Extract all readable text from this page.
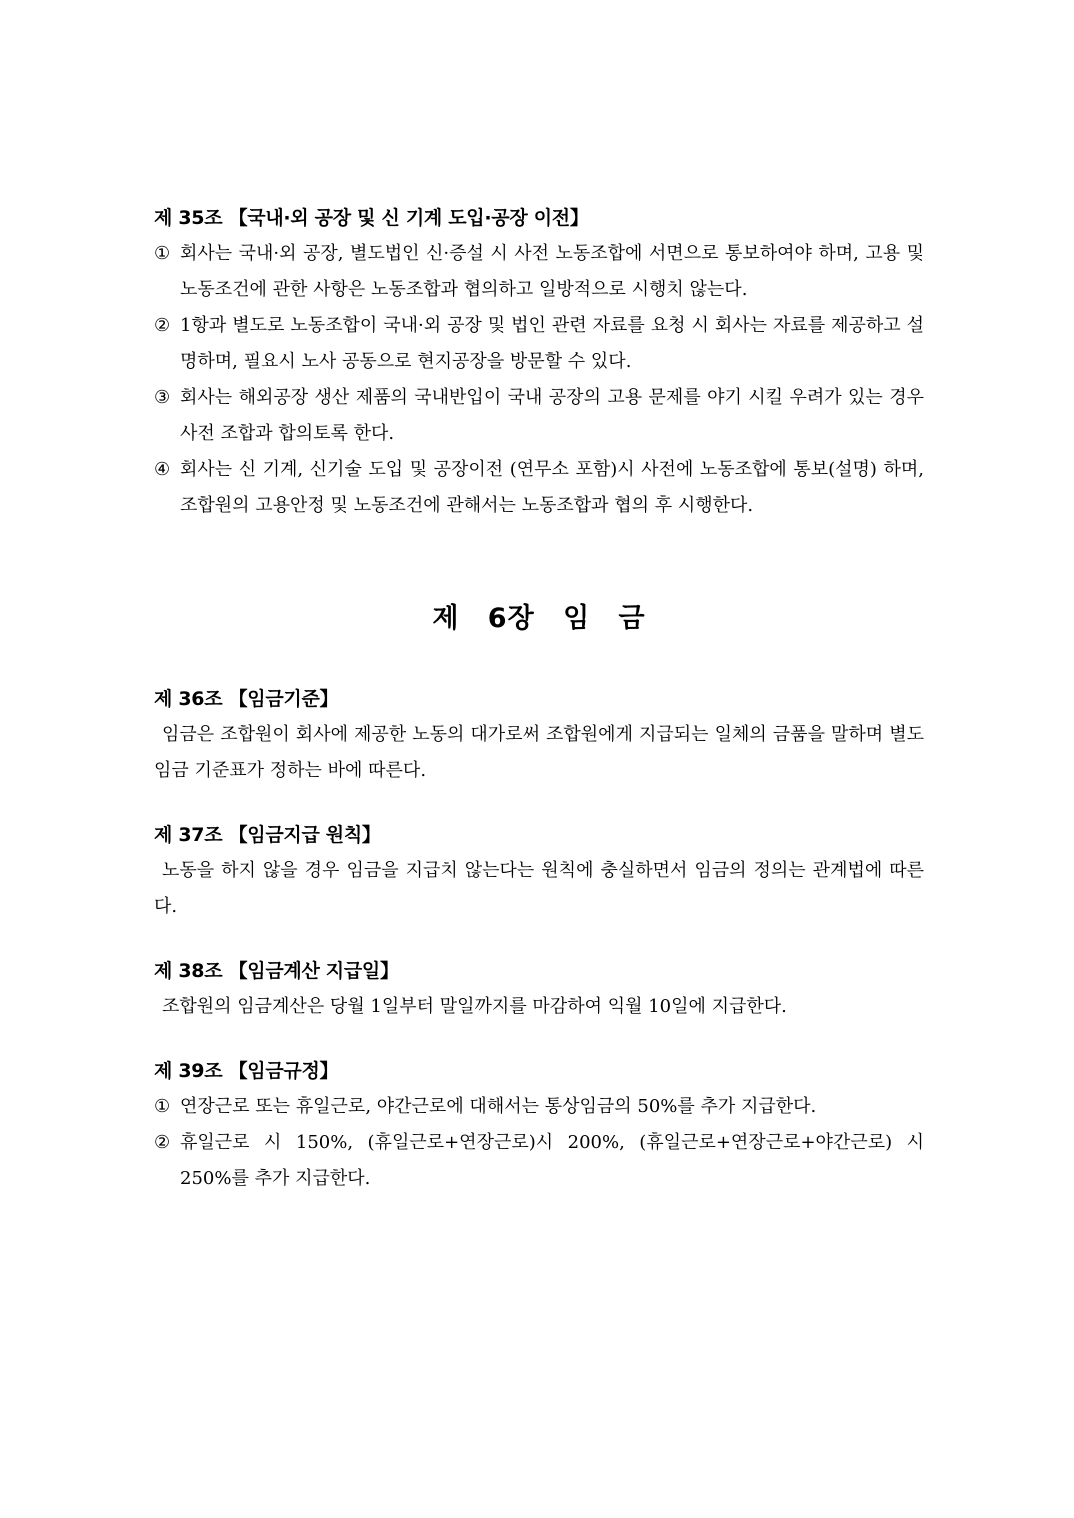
제 35조 【국내·외 공장 및 신 기계 도입·공장 이전】
① 회사는 국내·외 공장, 별도법인 신·증설 시 사전 노동조합에 서면으로 통보하여야 하며, 고용 및 노동조건에 관한 사항은 노동조합과 협의하고 일방적으로 시행치 않는다.
② 1항과 별도로 노동조합이 국내·외 공장 및 법인 관련 자료를 요청 시 회사는 자료를 제공하고 설명하며, 필요시 노사 공동으로 현지공장을 방문할 수 있다.
③ 회사는 해외공장 생산 제품의 국내반입이 국내 공장의 고용 문제를 야기 시킬 우려가 있는 경우 사전 조합과 합의토록 한다.
④ 회사는 신 기계, 신기술 도입 및 공장이전 (연무소 포함)시 사전에 노동조합에 통보(설명) 하며, 조합원의 고용안정 및 노동조건에 관해서는 노동조합과 협의 후 시행한다.
제 6장 임 금
제 36조 【임금기준】
임금은 조합원이 회사에 제공한 노동의 대가로써 조합원에게 지급되는 일체의 금품을 말하며 별도 임금 기준표가 정하는 바에 따른다.
제 37조 【임금지급 원칙】
노동을 하지 않을 경우 임금을 지급치 않는다는 원칙에 충실하면서 임금의 정의는 관계법에 따른다.
제 38조 【임금계산 지급일】
조합원의 임금계산은 당월 1일부터 말일까지를 마감하여 익월 10일에 지급한다.
제 39조 【임금규정】
① 연장근로 또는 휴일근로, 야간근로에 대해서는 통상임금의 50%를 추가 지급한다.
② 휴일근로 시 150%, (휴일근로+연장근로)시 200%, (휴일근로+연장근로+야간근로) 시 250%를 추가 지급한다.
